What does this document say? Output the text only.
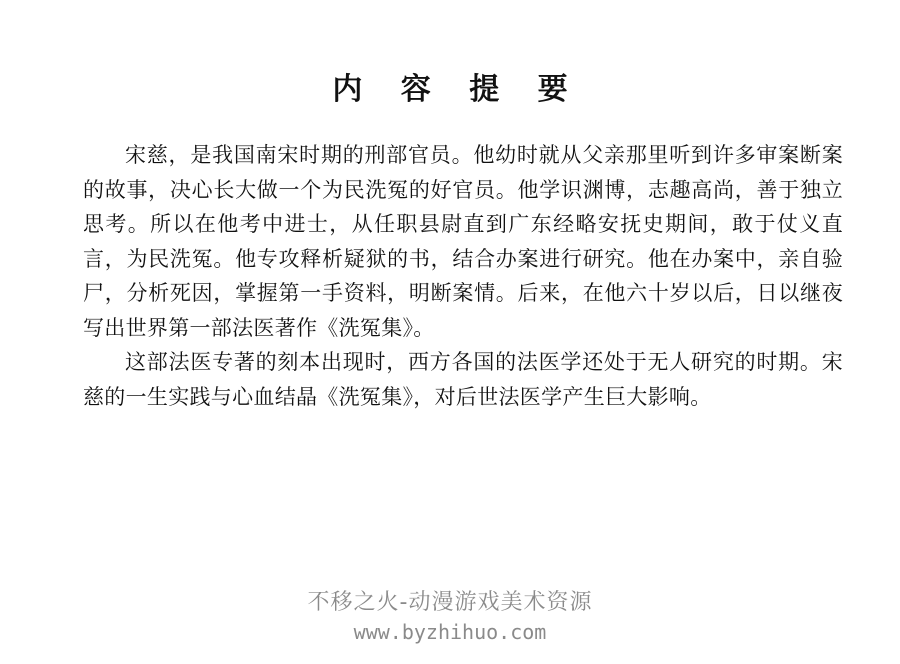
内 容 提 要

宋慈，是我国南宋时期的刑部官员。他幼时就从父亲那里听到许多审案断案的故事，决心长大做一个为民洗冤的好官员。他学识渊博，志趣高尚，善于独立思考。所以在他考中进士，从任职县尉直到广东经略安抚史期间，敢于仗义直言，为民洗冤。他专攻释析疑狱的书，结合办案进行研究。他在办案中，亲自验尸，分析死因，掌握第一手资料，明断案情。后来，在他六十岁以后，日以继夜写出世界第一部法医著作《洗冤集》。

这部法医专著的刻本出现时，西方各国的法医学还处于无人研究的时期。宋慈的一生实践与心血结晶《洗冤集》，对后世法医学产生巨大影响。

不移之火-动漫游戏美术资源
www.byzhihuo.com
